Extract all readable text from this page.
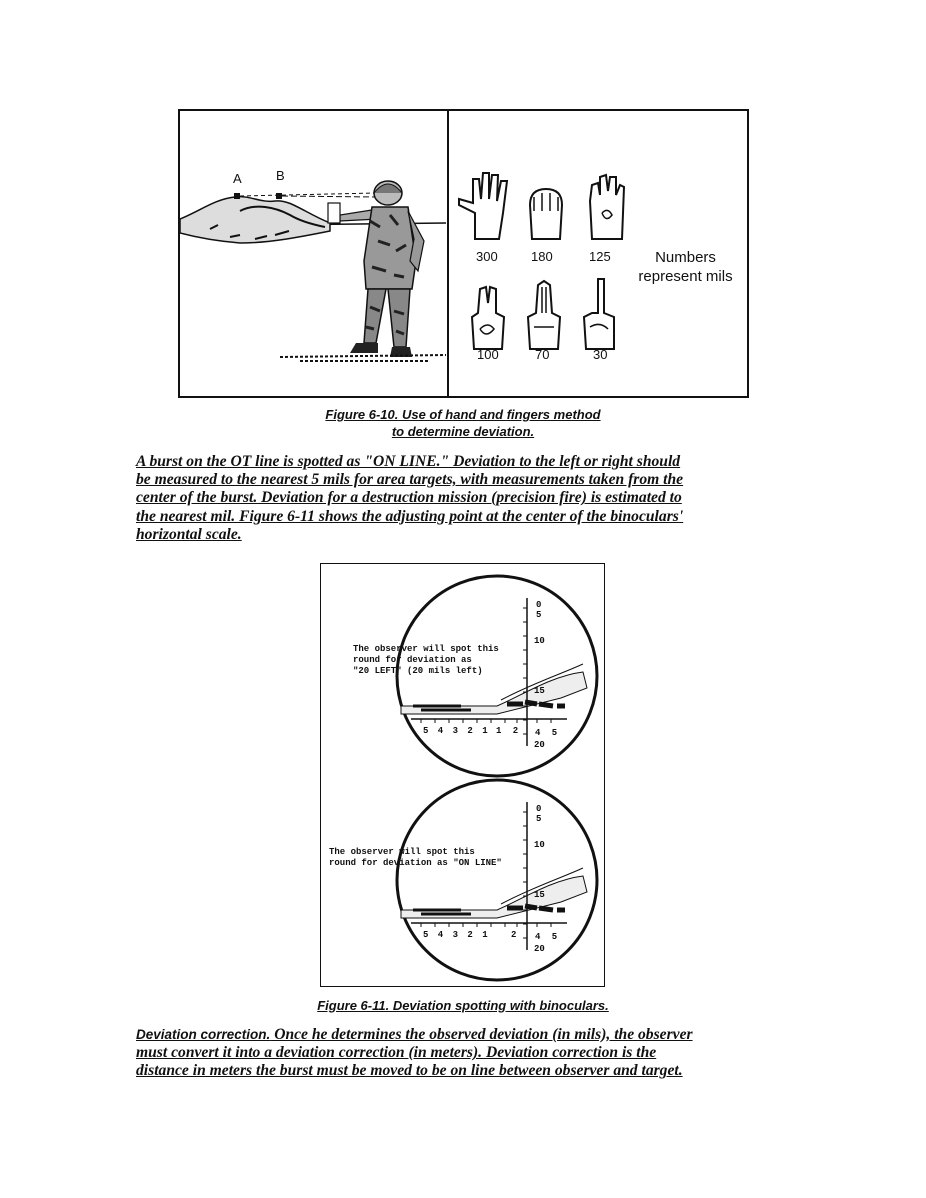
A	B
300	180	125
100	70	30
Numbers
represent mils
Figure 6-10. Use of hand and fingers method
to determine deviation.
A burst on the OT line is spotted as "ON LINE." Deviation to the left or right should
be measured to the nearest 5 mils for area targets, with measurements taken from the
center of the burst. Deviation for a destruction mission (precision fire) is estimated to
the nearest mil. Figure 6-11 shows the adjusting point at the center of the binoculars'
horizontal scale.
The observer will spot this
round for deviation as
"20 LEFT" (20 mils left)
0
5
10
15
20
5 4 3 2 1 1 2 4 5
The observer will spot this
round for deviation as "ON LINE"
0
5
10
15
20
5 4 3 2 1 2 4 5
Figure 6-11. Deviation spotting with binoculars.
Deviation correction. Once he determines the observed deviation (in mils), the observer
must convert it into a deviation correction (in meters). Deviation correction is the
distance in meters the burst must be moved to be on line between observer and target.
